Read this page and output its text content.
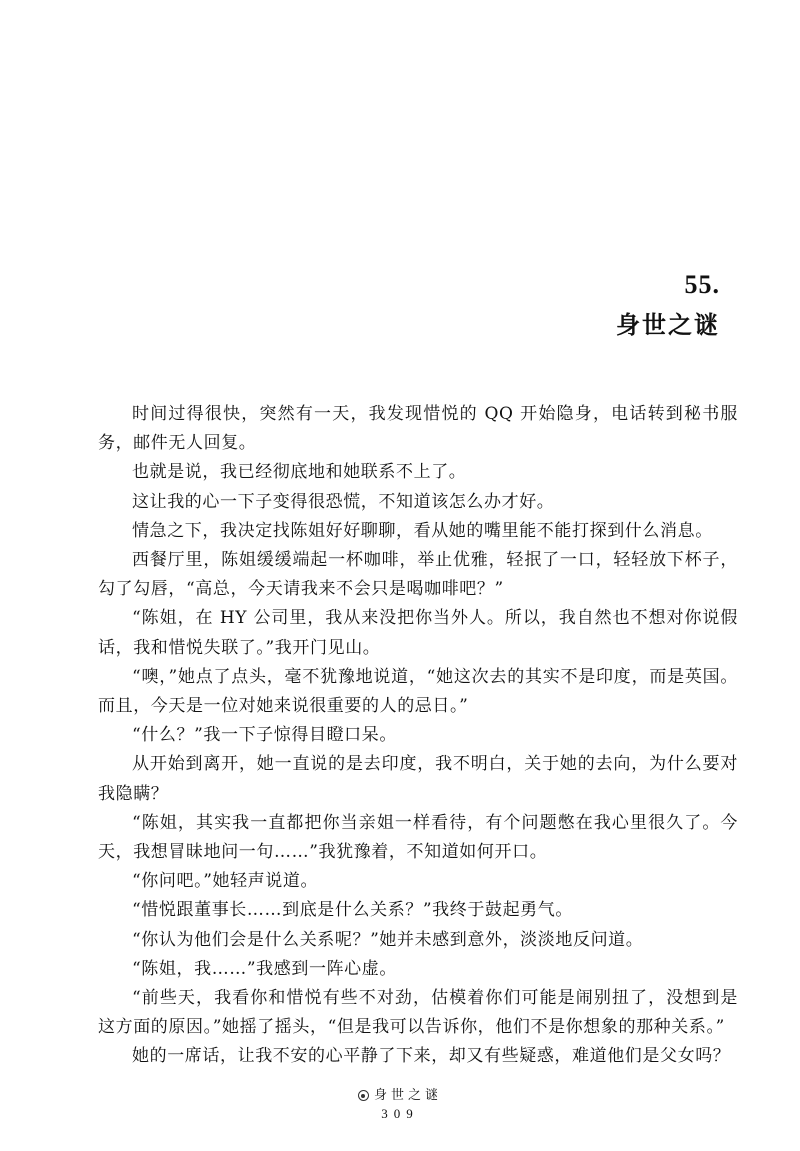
55.
身世之谜

时间过得很快，突然有一天，我发现惜悦的 QQ 开始隐身，电话转到秘书服务，邮件无人回复。

也就是说，我已经彻底地和她联系不上了。

这让我的心一下子变得很恐慌，不知道该怎么办才好。

情急之下，我决定找陈姐好好聊聊，看从她的嘴里能不能打探到什么消息。

西餐厅里，陈姐缓缓端起一杯咖啡，举止优雅，轻抿了一口，轻轻放下杯子，勾了勾唇，“高总，今天请我来不会只是喝咖啡吧？”

“陈姐，在 HY 公司里，我从来没把你当外人。所以，我自然也不想对你说假话，我和惜悦失联了。”我开门见山。

“噢，”她点了点头，毫不犹豫地说道，“她这次去的其实不是印度，而是英国。而且，今天是一位对她来说很重要的人的忌日。”

“什么？”我一下子惊得目瞪口呆。

从开始到离开，她一直说的是去印度，我不明白，关于她的去向，为什么要对我隐瞒？

“陈姐，其实我一直都把你当亲姐一样看待，有个问题憋在我心里很久了。今天，我想冒昧地问一句……”我犹豫着，不知道如何开口。

“你问吧。”她轻声说道。

“惜悦跟董事长……到底是什么关系？”我终于鼓起勇气。

“你认为他们会是什么关系呢？”她并未感到意外，淡淡地反问道。

“陈姐，我……”我感到一阵心虚。

“前些天，我看你和惜悦有些不对劲，估模着你们可能是闹别扭了，没想到是这方面的原因。”她摇了摇头，“但是我可以告诉你，他们不是你想象的那种关系。”

她的一席话，让我不安的心平静了下来，却又有些疑惑，难道他们是父女吗？

身世之谜
309
